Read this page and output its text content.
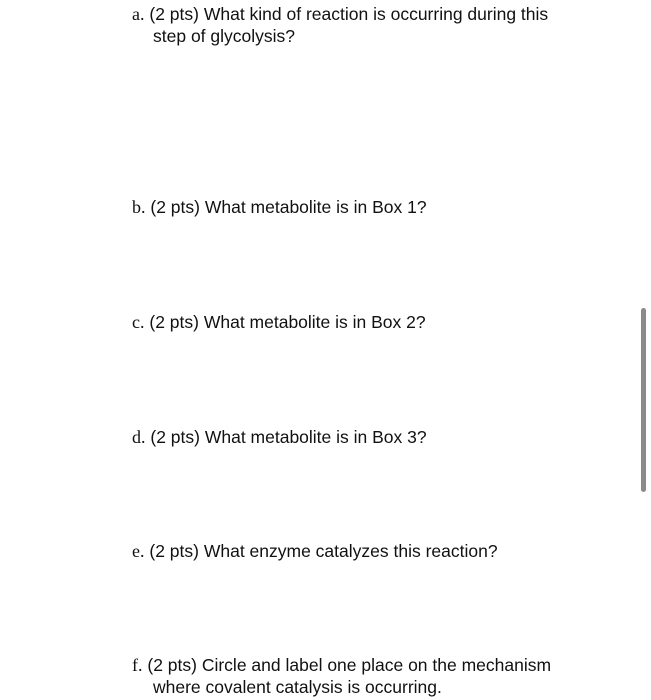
a. (2 pts) What kind of reaction is occurring during this
step of glycolysis?
b. (2 pts) What metabolite is in Box 1?
c. (2 pts) What metabolite is in Box 2?
d. (2 pts) What metabolite is in Box 3?
e. (2 pts) What enzyme catalyzes this reaction?
f. (2 pts) Circle and label one place on the mechanism
where covalent catalysis is occurring.
